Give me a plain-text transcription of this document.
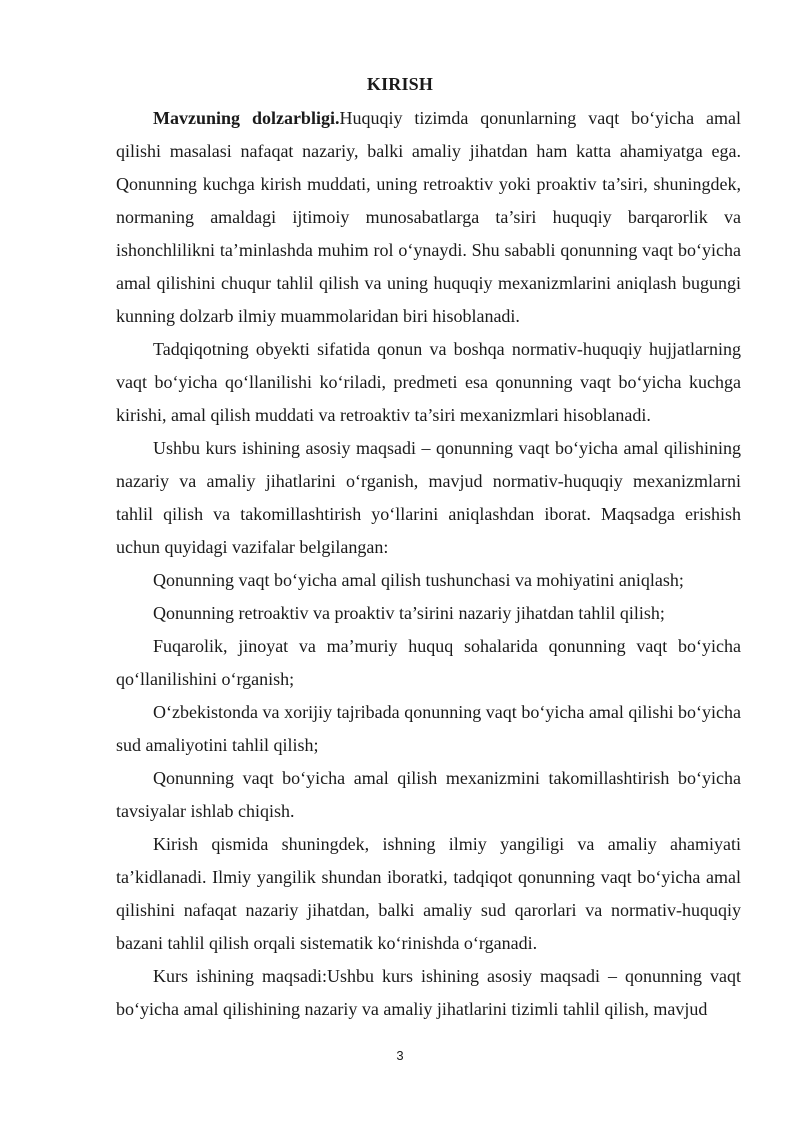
KIRISH

Mavzuning dolzarbligi.Huquqiy tizimda qonunlarning vaqt bo‘yicha amal qilishi masalasi nafaqat nazariy, balki amaliy jihatdan ham katta ahamiyatga ega. Qonunning kuchga kirish muddati, uning retroaktiv yoki proaktiv ta’siri, shuningdek, normaning amaldagi ijtimoiy munosabatlarga ta’siri huquqiy barqarorlik va ishonchlilikni ta’minlashda muhim rol o‘ynaydi. Shu sababli qonunning vaqt bo‘yicha amal qilishini chuqur tahlil qilish va uning huquqiy mexanizmlarini aniqlash bugungi kunning dolzarb ilmiy muammolaridan biri hisoblanadi.

Tadqiqotning obyekti sifatida qonun va boshqa normativ-huquqiy hujjatlarning vaqt bo‘yicha qo‘llanilishi ko‘riladi, predmeti esa qonunning vaqt bo‘yicha kuchga kirishi, amal qilish muddati va retroaktiv ta’siri mexanizmlari hisoblanadi.

Ushbu kurs ishining asosiy maqsadi – qonunning vaqt bo‘yicha amal qilishining nazariy va amaliy jihatlarini o‘rganish, mavjud normativ-huquqiy mexanizmlarni tahlil qilish va takomillashtirish yo‘llarini aniqlashdan iborat. Maqsadga erishish uchun quyidagi vazifalar belgilangan:

Qonunning vaqt bo‘yicha amal qilish tushunchasi va mohiyatini aniqlash;

Qonunning retroaktiv va proaktiv ta’sirini nazariy jihatdan tahlil qilish;

Fuqarolik, jinoyat va ma’muriy huquq sohalarida qonunning vaqt bo‘yicha qo‘llanilishini o‘rganish;

O‘zbekistonda va xorijiy tajribada qonunning vaqt bo‘yicha amal qilishi bo‘yicha sud amaliyotini tahlil qilish;

Qonunning vaqt bo‘yicha amal qilish mexanizmini takomillashtirish bo‘yicha tavsiyalar ishlab chiqish.

Kirish qismida shuningdek, ishning ilmiy yangiligi va amaliy ahamiyati ta’kidlanadi. Ilmiy yangilik shundan iboratki, tadqiqot qonunning vaqt bo‘yicha amal qilishini nafaqat nazariy jihatdan, balki amaliy sud qarorlari va normativ-huquqiy bazani tahlil qilish orqali sistematik ko‘rinishda o‘rganadi.

Kurs ishining maqsadi:Ushbu kurs ishining asosiy maqsadi – qonunning vaqt bo‘yicha amal qilishining nazariy va amaliy jihatlarini tizimli tahlil qilish, mavjud

3
